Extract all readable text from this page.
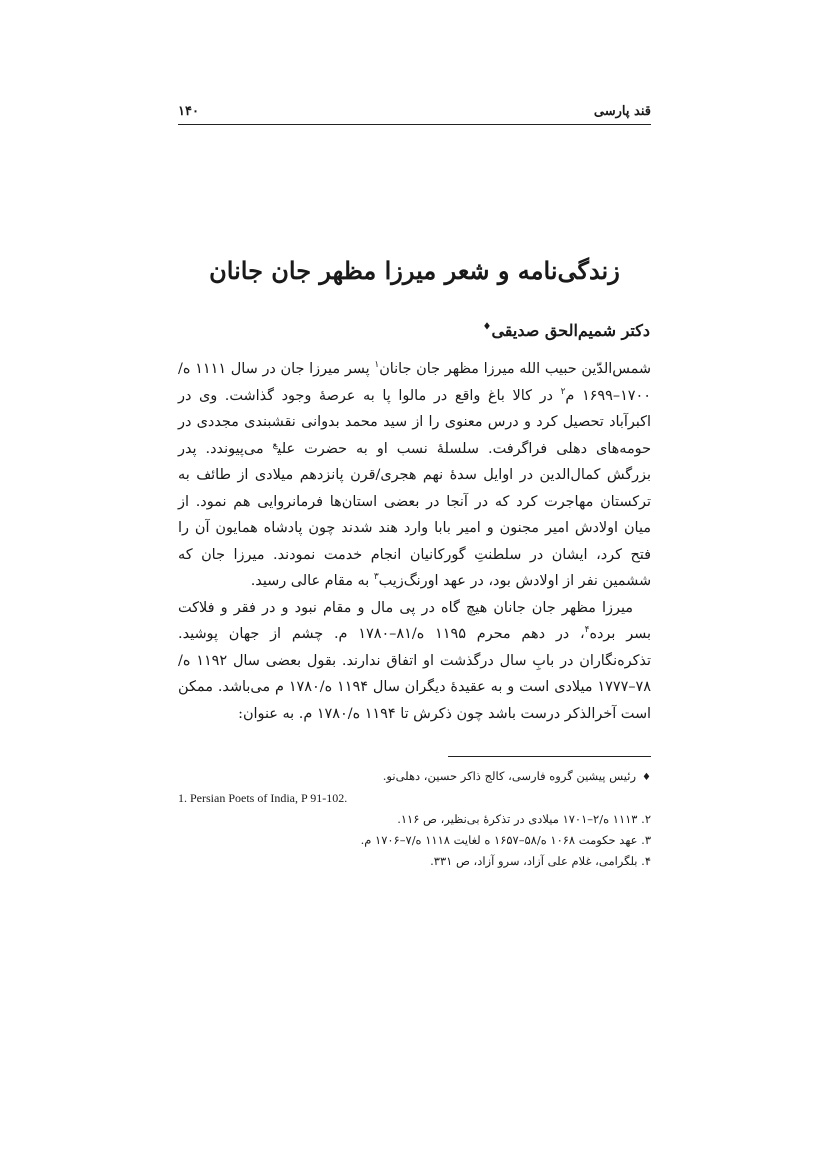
قند پارسی
۱۴۰
زندگی‌نامه و شعر میرزا مظهر جان جانان
دکتر شمیم‌الحق صدیقی♦

شمس‌الدّین حبیب الله میرزا مظهر جان جانان$^۱$ پسر میرزا جان در سال ۱۱۱۱ ه/۱۷۰۰–۱۶۹۹ م$^۲$ در کالا باغ واقع در مالوا پا به عرصهٔ وجود گذاشت. وی در اکبرآباد تحصیل کرد و درس معنوی را از سید محمد بدوانی نقشبندی مجددی در حومه‌های دهلی فراگرفت. سلسلهٔ نسب او به حضرت علی$^ع$ می‌پیوندد. پدر بزرگش کمال‌الدین در اوایل سدهٔ نهم هجری/قرن پانزدهم میلادی از طائف به ترکستان مهاجرت کرد که در آنجا در بعضی استان‌ها فرمانروایی هم نمود. از میان اولادش امیر مجنون و امیر بابا وارد هند شدند چون پادشاه همایون آن را فتح کرد، ایشان در سلطنتِ گورکانیان انجام خدمت نمودند. میرزا جان که ششمین نفر از اولادش بود، در عهد اورنگ‌زیب$^۳$ به مقام عالی رسید.

میرزا مظهر جان جانان هیچ گاه در پی مال و مقام نبود و در فقر و فلاکت بسر برده$^۴$، در دهم محرم ۱۱۹۵ ه/۸۱–۱۷۸۰ م. چشم از جهان پوشید. تذکره‌نگاران در بابِ سال درگذشت او اتفاق ندارند. بقول بعضی سال ۱۱۹۲ ه/۷۸–۱۷۷۷ میلادی است و به عقیدهٔ دیگران سال ۱۱۹۴ ه/۱۷۸۰ م می‌باشد. ممکن است آخرالذکر درست باشد چون ذکرش تا ۱۱۹۴ ه/۱۷۸۰ م. به عنوان:

♦رئیس پیشین گروه فارسی، کالج ذاکر حسین، دهلی‌نو.
1. Persian Poets of India, P 91-102.
۲. ۱۱۱۳ ه/۲–۱۷۰۱ میلادی در تذکرهٔ بی‌نظیر، ص ۱۱۶.
۳. عهد حکومت ۱۰۶۸ ه/۵۸–۱۶۵۷ ه لغایت ۱۱۱۸ ه/۷–۱۷۰۶ م.
۴. بلگرامی، غلام علی آزاد، سرو آزاد، ص ۳۳۱.
